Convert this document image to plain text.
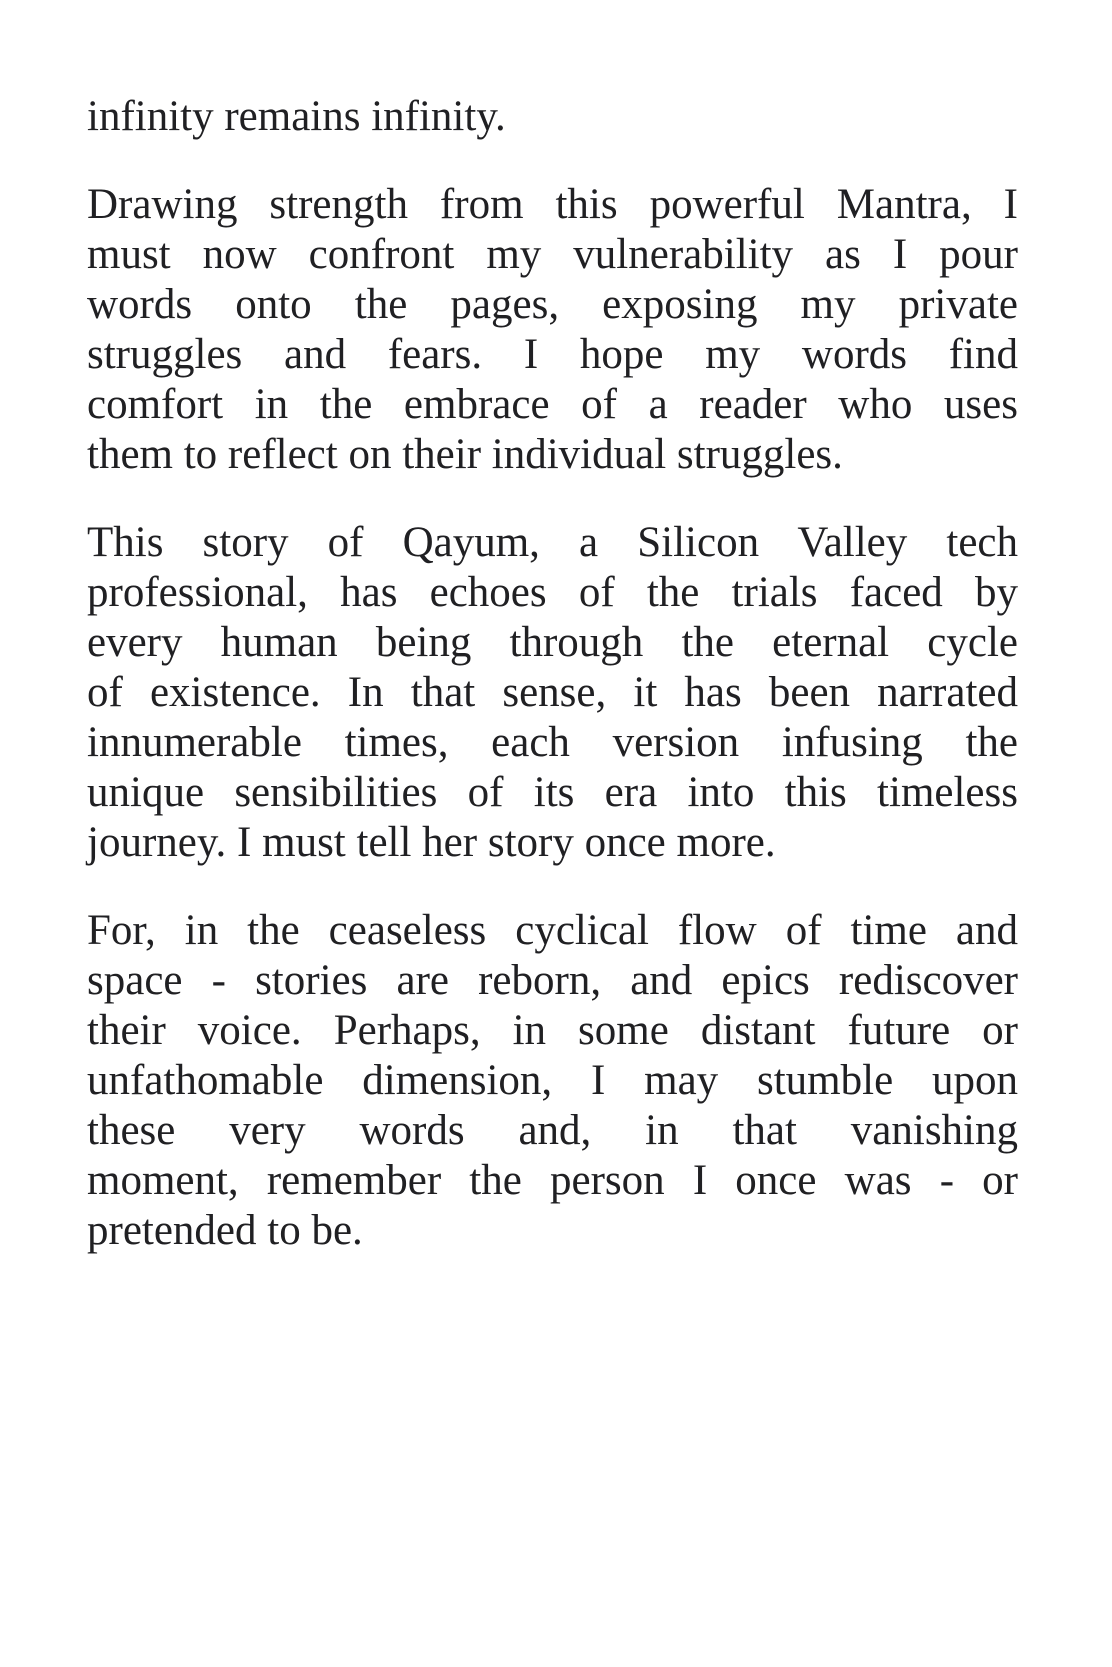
infinity remains infinity.

Drawing strength from this powerful Mantra, I
must now confront my vulnerability as I pour
words onto the pages, exposing my private
struggles and fears. I hope my words find
comfort in the embrace of a reader who uses
them to reflect on their individual struggles.

This story of Qayum, a Silicon Valley tech
professional, has echoes of the trials faced by
every human being through the eternal cycle
of existence. In that sense, it has been narrated
innumerable times, each version infusing the
unique sensibilities of its era into this timeless
journey. I must tell her story once more.

For, in the ceaseless cyclical flow of time and
space - stories are reborn, and epics rediscover
their voice. Perhaps, in some distant future or
unfathomable dimension, I may stumble upon
these very words and, in that vanishing
moment, remember the person I once was - or
pretended to be.
